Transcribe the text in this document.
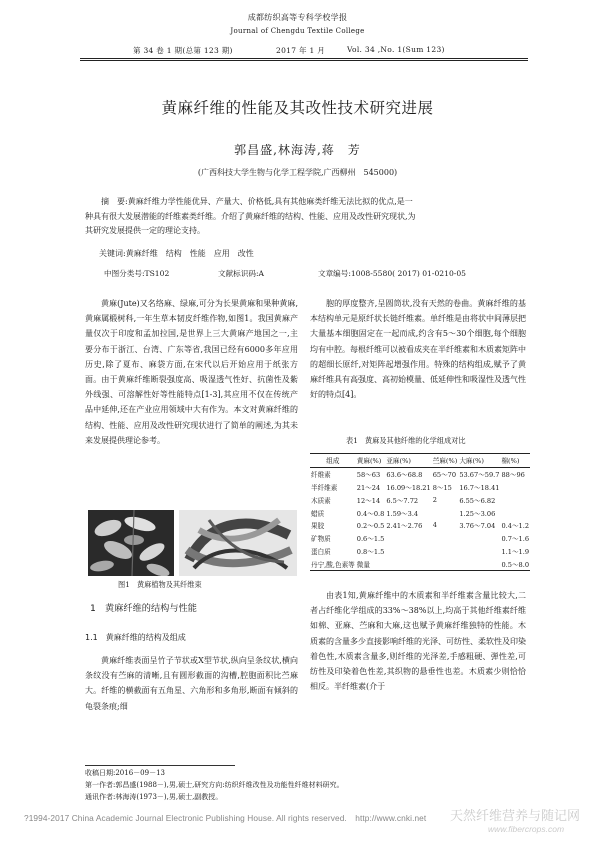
成都纺织高等专科学校学报
Journal of Chengdu Textile College
第 34 卷 1 期(总第 123 期)	2017 年 1 月	Vol. 34 ,No. 1(Sum 123)
黄麻纤维的性能及其改性技术研究进展
郭昌盛,林海涛,蒋　芳
(广西科技大学生物与化学工程学院,广西柳州　545000)
摘　要:黄麻纤维力学性能优异、产量大、价格低,具有其他麻类纤维无法比拟的优点,是一
种具有很大发展潜能的纤维素类纤维。介绍了黄麻纤维的结构、性能、应用及改性研究现状,为
其研究发展提供一定的理论支持。
关键词:黄麻纤维　结构　性能　应用　改性
中图分类号:TS102	文献标识码:A	文章编号:1008-5580( 2017) 01-0210-05

黄麻(Jute)又名络麻、绿麻,可分为长果黄麻和果种黄麻,黄麻属椴树科,一年生草本韧皮纤维作物,如图1。我国黄麻产量仅次于印度和孟加拉国,是世界上三大黄麻产地国之一,主要分布于浙江、台湾、广东等省,我国已经有6000多年应用历史,除了夏布、麻袋方面,在宋代以后开始应用于纸张方面。由于黄麻纤维断裂强度高、吸湿透气性好、抗菌性及紫外线强、可溶解性好等性能特点[1-3],其应用不仅在传统产品中延伸,还在产业应用领域中大有作为。本文对黄麻纤维的结构、性能、应用及改性研究现状进行了简单的阐述,为其未来发展提供理论参考。

图1　黄麻植物及其纤维束
1　黄麻纤维的结构与性能
1.1　黄麻纤维的结构及组成

黄麻纤维表面呈竹子节状或X型节状,纵向呈条纹状,横向条纹没有苎麻的清晰,且有圆形截面的沟槽,腔胞面积比苎麻大。纤维的横截面有五角星、六角形和多角形,断面有倾斜的龟裂条痕;细

胞的厚度整齐,呈圆筒状,没有天然的卷曲。黄麻纤维的基本结构单元是原纤状长链纤维素。单纤维是由将状中间薄层把大量基本细胞固定在一起而成,约含有5～30个细胞,每个细胞均有中腔。每根纤维可以被看成夹在半纤维素和木质素矩阵中的超细长原纤,对矩阵起增强作用。特殊的结构组成,赋予了黄麻纤维具有高强度、高初始模量、低延伸性和吸湿性及透气性好的特点[4]。

表1　黄麻及其他纤维的化学组成对比
组成	黄麻(%)	亚麻(%)	苎麻(%)	大麻(%)	棉(%)
纤维素	58～63	63.6～68.8	65～70	53.67～59.7	88～96
半纤维素	21～24	16.09～18.21	8～15	16.7～18.41	
木质素	12～14	6.5～7.72	2	6.55～6.82	
蜡质	0.4～0.8	1.59～3.4		1.25～3.06	
果胶	0.2～0.5	2.41～2.76	4	3.76～7.04	0.4～1.2
矿物质	0.6～1.5				0.7～1.6
蛋白质	0.8～1.5				1.1～1.9
丹宁,酸,色素等	微量				0.5～8.0

由表1知,黄麻纤维中的木质素和半纤维素含量比较大,二者占纤维化学组成的33%～38%以上,均高于其他纤维素纤维如棉、亚麻、苎麻和大麻,这也赋予黄麻纤维独特的性能。木质素的含量多少直接影响纤维的光泽、可纺性、柔软性及印染着色性,木质素含量多,则纤维的光泽差,手感粗硬、弹性差,可纺性及印染着色性差,其织物的悬垂性也差。木质素少则恰恰相反。半纤维素(介于

收稿日期:2016－09－13
第一作者:郭昌盛(1988－),男,硕士,研究方向:纺织纤维改性及功能性纤维材料研究。
通讯作者:林海涛(1973－),男,硕士,副教授。
?1994-2017 China Academic Journal Electronic Publishing House. All rights reserved.　http://www.cnki.net 天然纤维营养与随记网
www.fibercrops.com
